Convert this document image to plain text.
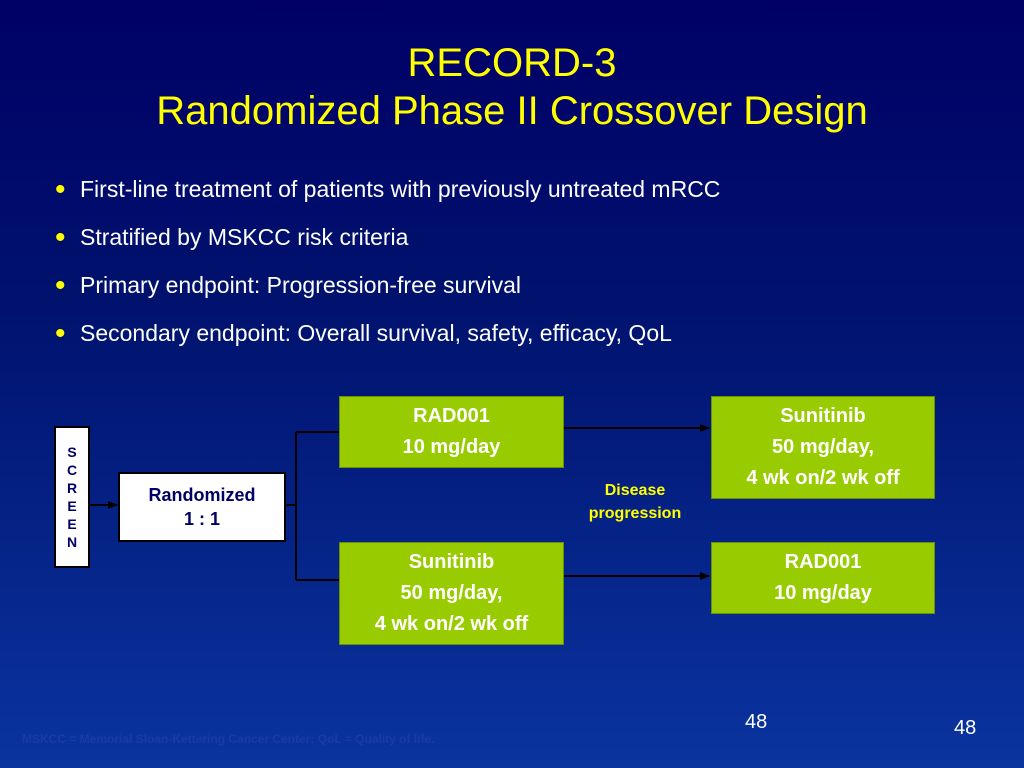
RECORD-3
Randomized Phase II Crossover Design
• First-line treatment of patients with previously untreated mRCC
• Stratified by MSKCC risk criteria
• Primary endpoint: Progression-free survival
• Secondary endpoint: Overall survival, safety, efficacy, QoL
S
C
R
E
E
N
Randomized
1 : 1
RAD001
10 mg/day
Sunitinib
50 mg/day,
4 wk on/2 wk off
Sunitinib
50 mg/day,
4 wk on/2 wk off
RAD001
10 mg/day
Disease
progression
48	48
MSKCC = Memorial Sloan-Kettering Cancer Center; QoL = Quality of life.
